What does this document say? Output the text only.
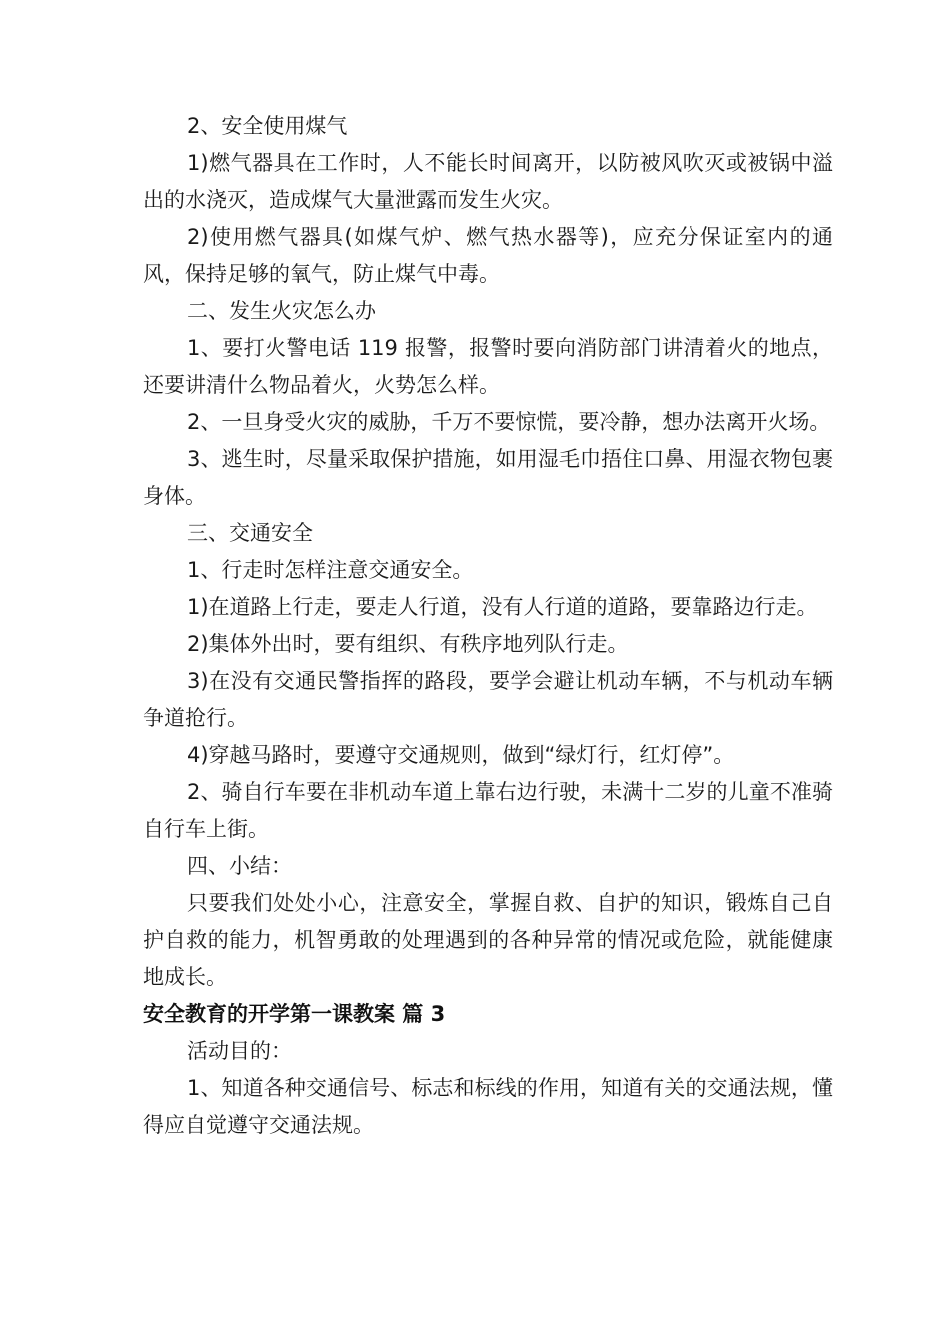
2、安全使用煤气

1)燃气器具在工作时，人不能长时间离开，以防被风吹灭或被锅中溢出的水浇灭，造成煤气大量泄露而发生火灾。

2)使用燃气器具(如煤气炉、燃气热水器等)，应充分保证室内的通风，保持足够的氧气，防止煤气中毒。

二、发生火灾怎么办

1、要打火警电话 119 报警，报警时要向消防部门讲清着火的地点，还要讲清什么物品着火，火势怎么样。

2、一旦身受火灾的威胁，千万不要惊慌，要冷静，想办法离开火场。

3、逃生时，尽量采取保护措施，如用湿毛巾捂住口鼻、用湿衣物包裹身体。

三、交通安全

1、行走时怎样注意交通安全。

1)在道路上行走，要走人行道，没有人行道的道路，要靠路边行走。

2)集体外出时，要有组织、有秩序地列队行走。

3)在没有交通民警指挥的路段，要学会避让机动车辆，不与机动车辆争道抢行。

4)穿越马路时，要遵守交通规则，做到“绿灯行，红灯停”。

2、骑自行车要在非机动车道上靠右边行驶，未满十二岁的儿童不准骑自行车上街。

四、小结：

只要我们处处小心，注意安全，掌握自救、自护的知识，锻炼自己自护自救的能力，机智勇敢的处理遇到的各种异常的情况或危险，就能健康地成长。

安全教育的开学第一课教案 篇 3

活动目的：

1、知道各种交通信号、标志和标线的作用，知道有关的交通法规，懂得应自觉遵守交通法规。
